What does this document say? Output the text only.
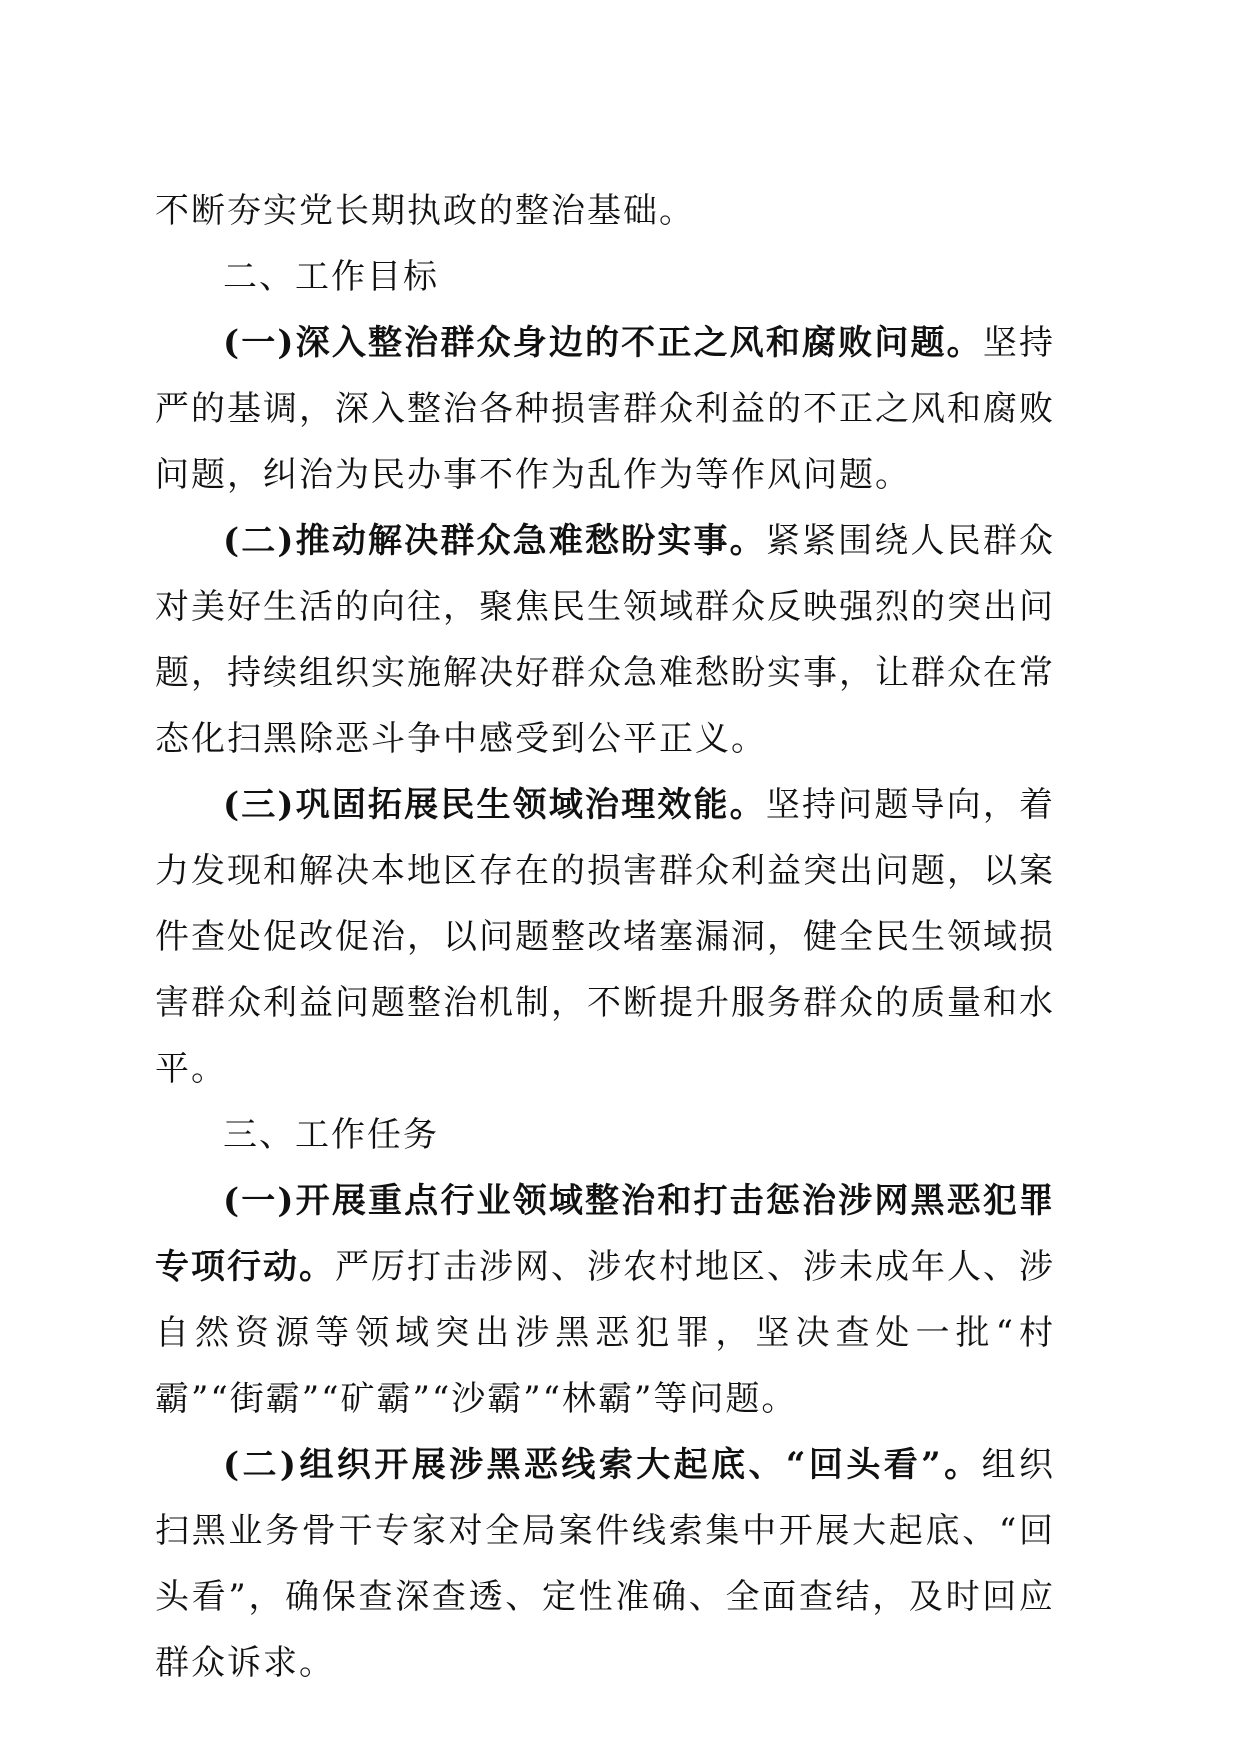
不断夯实党长期执政的整治基础。

二、工作目标

(一)深入整治群众身边的不正之风和腐败问题。坚持严的基调，深入整治各种损害群众利益的不正之风和腐败问题，纠治为民办事不作为乱作为等作风问题。

(二)推动解决群众急难愁盼实事。紧紧围绕人民群众对美好生活的向往，聚焦民生领域群众反映强烈的突出问题，持续组织实施解决好群众急难愁盼实事，让群众在常态化扫黑除恶斗争中感受到公平正义。

(三)巩固拓展民生领域治理效能。坚持问题导向，着力发现和解决本地区存在的损害群众利益突出问题，以案件查处促改促治，以问题整改堵塞漏洞，健全民生领域损害群众利益问题整治机制，不断提升服务群众的质量和水平。

三、工作任务

(一)开展重点行业领域整治和打击惩治涉网黑恶犯罪专项行动。严厉打击涉网、涉农村地区、涉未成年人、涉自然资源等领域突出涉黑恶犯罪，坚决查处一批“村霸”“街霸”“矿霸”“沙霸”“林霸”等问题。

(二)组织开展涉黑恶线索大起底、“回头看”。组织扫黑业务骨干专家对全局案件线索集中开展大起底、“回头看”，确保查深查透、定性准确、全面查结，及时回应群众诉求。
